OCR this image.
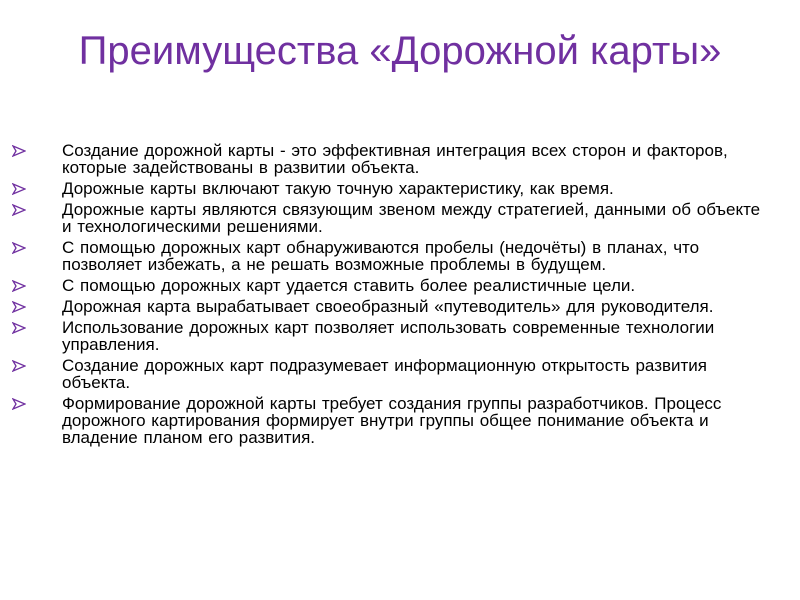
Преимущества «Дорожной карты»
Создание дорожной карты - это эффективная интеграция всех сторон и факторов, которые задействованы в развитии объекта.
Дорожные карты включают такую точную характеристику, как время.
Дорожные карты являются связующим звеном между стратегией, данными об объекте и технологическими решениями.
С помощью дорожных карт обнаруживаются пробелы (недочёты) в планах, что позволяет избежать, а не решать возможные проблемы в будущем.
С помощью дорожных карт удается ставить более реалистичные цели.
Дорожная карта вырабатывает своеобразный «путеводитель» для руководителя.
Использование дорожных карт позволяет использовать современные технологии управления.
Создание дорожных карт подразумевает информационную открытость развития объекта.
Формирование дорожной карты требует создания группы разработчиков. Процесс дорожного картирования формирует внутри группы общее понимание объекта и владение планом его развития.
